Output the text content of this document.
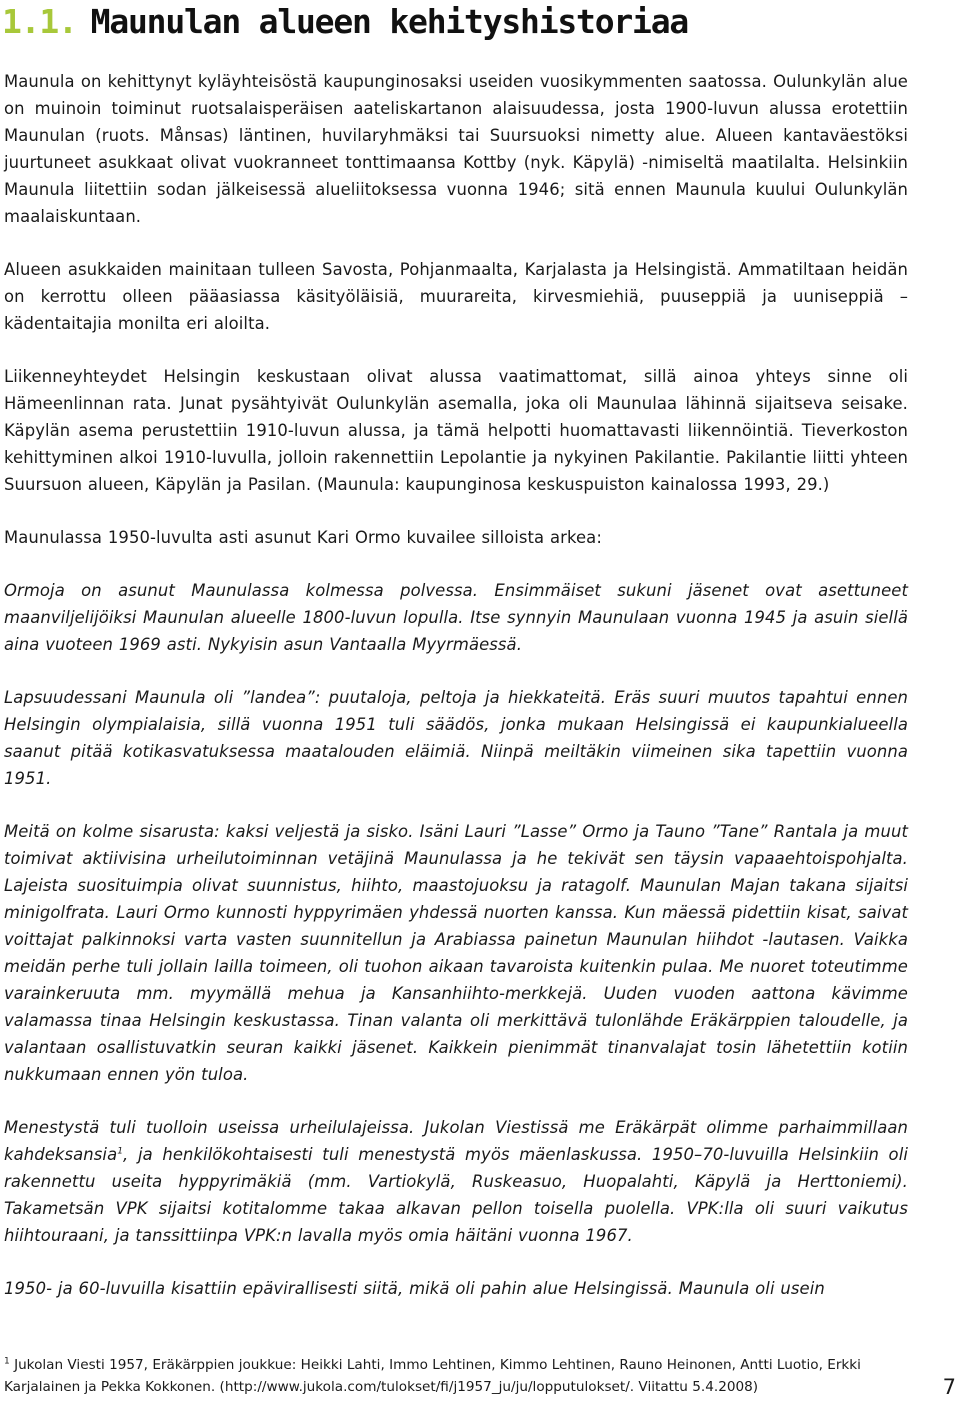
1.1. Maunulan alueen kehityshistoriaa

Maunula on kehittynyt kyläyhteisöstä kaupunginosaksi useiden vuosikymmenten saatossa. Oulunkylän alue on muinoin toiminut ruotsalaisperäisen aateliskartanon alaisuudessa, josta 1900-luvun alussa erotettiin Maunulan (ruots. Månsas) läntinen, huvilaryhmäksi tai Suursuoksi nimetty alue. Alueen kantaväestöksi juurtuneet asukkaat olivat vuokranneet tonttimaansa Kottby (nyk. Käpylä) -nimiseltä maatilalta. Helsinkiin Maunula liitettiin sodan jälkeisessä alueliitoksessa vuonna 1946; sitä ennen Maunula kuului Oulunkylän maalaiskuntaan.

Alueen asukkaiden mainitaan tulleen Savosta, Pohjanmaalta, Karjalasta ja Helsingistä. Ammatiltaan heidän on kerrottu olleen pääasiassa käsityöläisiä, muurareita, kirvesmiehiä, puuseppiä ja uuniseppiä – kädentaitajia monilta eri aloilta.

Liikenneyhteydet Helsingin keskustaan olivat alussa vaatimattomat, sillä ainoa yhteys sinne oli Hämeenlinnan rata. Junat pysähtyivät Oulunkylän asemalla, joka oli Maunulaa lähinnä sijaitseva seisake. Käpylän asema perustettiin 1910-luvun alussa, ja tämä helpotti huomattavasti liikennöintiä. Tieverkoston kehittyminen alkoi 1910-luvulla, jolloin rakennettiin Lepolantie ja nykyinen Pakilantie. Pakilantie liitti yhteen Suursuon alueen, Käpylän ja Pasilan. (Maunula: kaupunginosa keskuspuiston kainalossa 1993, 29.)

Maunulassa 1950-luvulta asti asunut Kari Ormo kuvailee silloista arkea:

Ormoja on asunut Maunulassa kolmessa polvessa. Ensimmäiset sukuni jäsenet ovat asettuneet maanviljelijöiksi Maunulan alueelle 1800-luvun lopulla. Itse synnyin Maunulaan vuonna 1945 ja asuin siellä aina vuoteen 1969 asti. Nykyisin asun Vantaalla Myyrmäessä.

Lapsuudessani Maunula oli ”landea”: puutaloja, peltoja ja hiekkateitä. Eräs suuri muutos tapahtui ennen Helsingin olympialaisia, sillä vuonna 1951 tuli säädös, jonka mukaan Helsingissä ei kaupunkialueella saanut pitää kotikasvatuksessa maatalouden eläimiä. Niinpä meiltäkin viimeinen sika tapettiin vuonna 1951.

Meitä on kolme sisarusta: kaksi veljestä ja sisko. Isäni Lauri ”Lasse” Ormo ja Tauno ”Tane” Rantala ja muut toimivat aktiivisina urheilutoiminnan vetäjinä Maunulassa ja he tekivät sen täysin vapaaehtoispohjalta. Lajeista suosituimpia olivat suunnistus, hiihto, maastojuoksu ja ratagolf. Maunulan Majan takana sijaitsi minigolfrata. Lauri Ormo kunnosti hyppyrimäen yhdessä nuorten kanssa. Kun mäessä pidettiin kisat, saivat voittajat palkinnoksi varta vasten suunnitellun ja Arabiassa painetun Maunulan hiihdot -lautasen. Vaikka meidän perhe tuli jollain lailla toimeen, oli tuohon aikaan tavaroista kuitenkin pulaa. Me nuoret toteutimme varainkeruuta mm. myymällä mehua ja Kansanhiihto-merkkejä. Uuden vuoden aattona kävimme valamassa tinaa Helsingin keskustassa. Tinan valanta oli merkittävä tulonlähde Eräkärppien taloudelle, ja valantaan osallistuvatkin seuran kaikki jäsenet. Kaikkein pienimmät tinanvalajat tosin lähetettiin kotiin nukkumaan ennen yön tuloa.

Menestystä tuli tuolloin useissa urheilulajeissa. Jukolan Viestissä me Eräkärpät olimme parhaimmillaan kahdeksansia$^1$, ja henkilökohtaisesti tuli menestystä myös mäenlaskussa. 1950–70-luvuilla Helsinkiin oli rakennettu useita hyppyrimäkiä (mm. Vartiokylä, Ruskeasuo, Huopalahti, Käpylä ja Herttoniemi). Takametsän VPK sijaitsi kotitalomme takaa alkavan pellon toisella puolella. VPK:lla oli suuri vaikutus hiihtouraani, ja tanssittiinpa VPK:n lavalla myös omia häitäni vuonna 1967.

1950- ja 60-luvuilla kisattiin epävirallisesti siitä, mikä oli pahin alue Helsingissä. Maunula oli usein

$^1$ Jukolan Viesti 1957, Eräkärppien joukkue: Heikki Lahti, Immo Lehtinen, Kimmo Lehtinen, Rauno Heinonen, Antti Luotio, Erkki Karjalainen ja Pekka Kokkonen. (http://www.jukola.com/tulokset/fi/j1957_ju/ju/lopputulokset/. Viitattu 5.4.2008)	7
